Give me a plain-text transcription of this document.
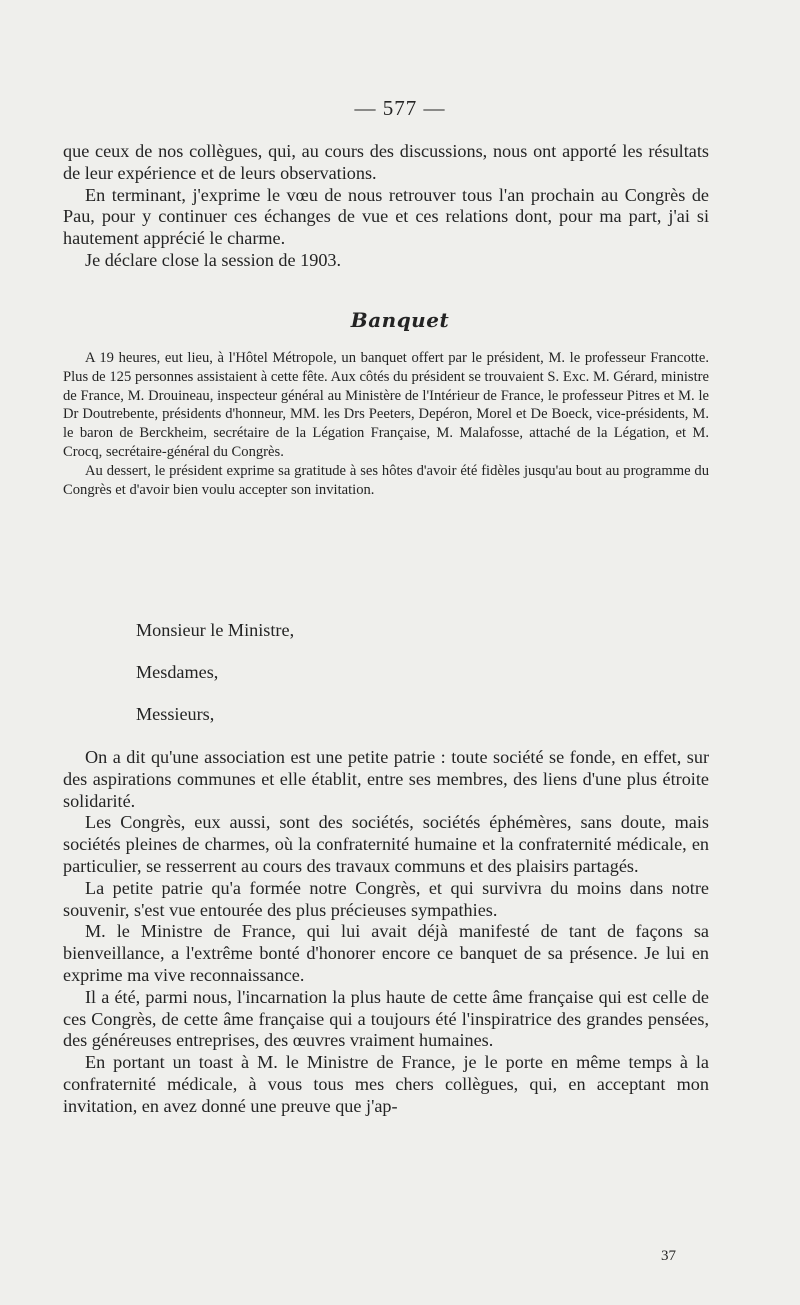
— 577 —

que ceux de nos collègues, qui, au cours des discussions, nous ont apporté les résultats de leur expérience et de leurs observations.

En terminant, j'exprime le vœu de nous retrouver tous l'an prochain au Congrès de Pau, pour y continuer ces échanges de vue et ces relations dont, pour ma part, j'ai si hautement apprécié le charme.

Je déclare close la session de 1903.

Banquet

A 19 heures, eut lieu, à l'Hôtel Métropole, un banquet offert par le président, M. le professeur Francotte. Plus de 125 personnes assistaient à cette fête. Aux côtés du président se trouvaient S. Exc. M. Gérard, ministre de France, M. Drouineau, inspecteur général au Ministère de l'Intérieur de France, le professeur Pitres et M. le Dr Doutrebente, présidents d'honneur, MM. les Drs Peeters, Depéron, Morel et De Boeck, vice-présidents, M. le baron de Berckheim, secrétaire de la Légation Française, M. Malafosse, attaché de la Légation, et M. Crocq, secrétaire-général du Congrès.

Au dessert, le président exprime sa gratitude à ses hôtes d'avoir été fidèles jusqu'au bout au programme du Congrès et d'avoir bien voulu accepter son invitation.

Monsieur le Ministre,
Mesdames,
Messieurs,

On a dit qu'une association est une petite patrie : toute société se fonde, en effet, sur des aspirations communes et elle établit, entre ses membres, des liens d'une plus étroite solidarité.

Les Congrès, eux aussi, sont des sociétés, sociétés éphémères, sans doute, mais sociétés pleines de charmes, où la confraternité humaine et la confraternité médicale, en particulier, se resserrent au cours des travaux communs et des plaisirs partagés.

La petite patrie qu'a formée notre Congrès, et qui survivra du moins dans notre souvenir, s'est vue entourée des plus précieuses sympathies.

M. le Ministre de France, qui lui avait déjà manifesté de tant de façons sa bienveillance, a l'extrême bonté d'honorer encore ce banquet de sa présence. Je lui en exprime ma vive reconnaissance.

Il a été, parmi nous, l'incarnation la plus haute de cette âme française qui est celle de ces Congrès, de cette âme française qui a toujours été l'inspiratrice des grandes pensées, des généreuses entreprises, des œuvres vraiment humaines.

En portant un toast à M. le Ministre de France, je le porte en même temps à la confraternité médicale, à vous tous mes chers collègues, qui, en acceptant mon invitation, en avez donné une preuve que j'ap-

37
